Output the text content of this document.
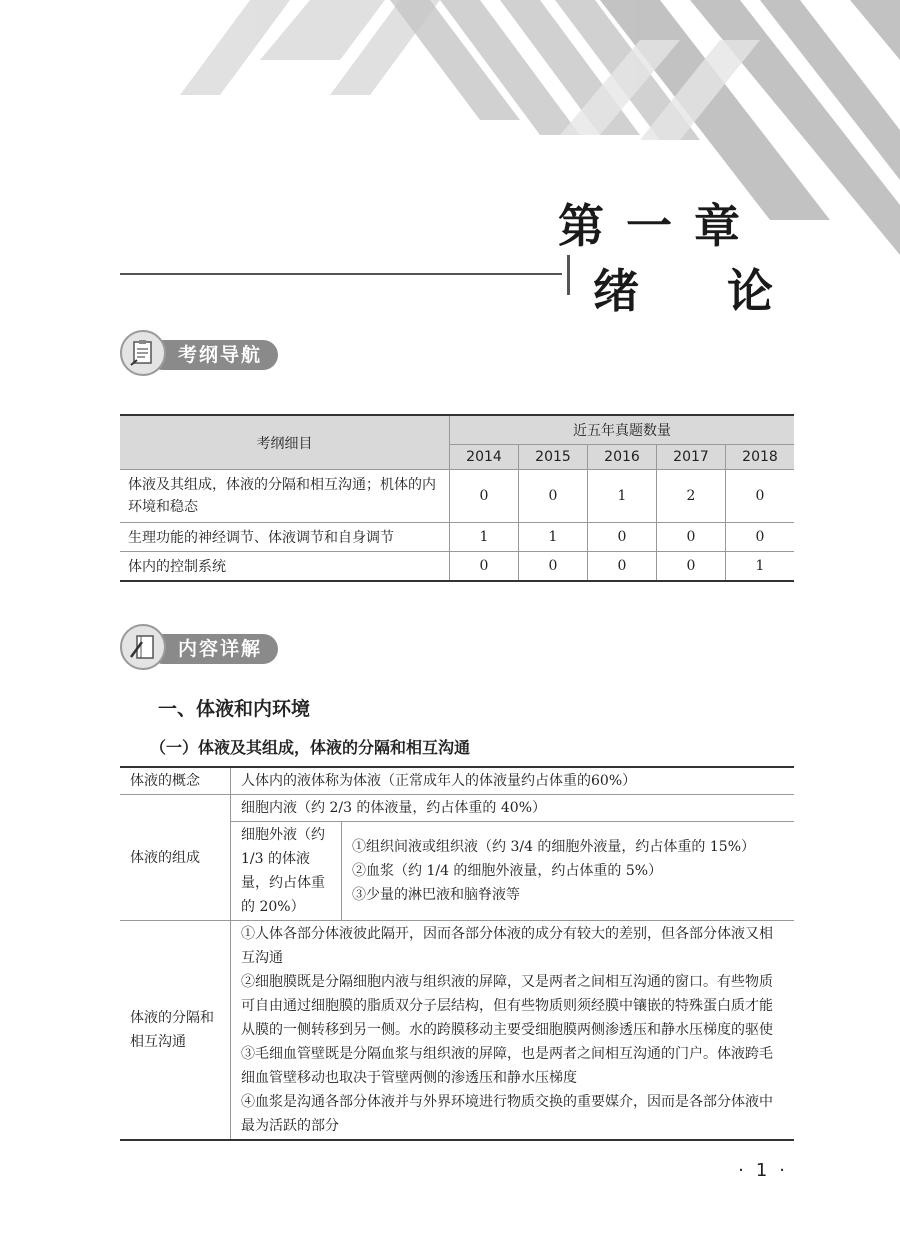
第一章
绪 论
考纲导航
考纲细目	近五年真题数量				
	2014	2015	2016	2017	2018
体液及其组成，体液的分隔和相互沟通；机体的内环境和稳态	0	0	1	2	0
生理功能的神经调节、体液调节和自身调节	1	1	0	0	0
体内的控制系统	0	0	0	0	1
内容详解
一、体液和内环境
（一）体液及其组成，体液的分隔和相互沟通
体液的概念	人体内的液体称为体液（正常成年人的体液量约占体重的60%）	
体液的组成	细胞内液（约 2/3 的体液量，约占体重的 40%）	
	细胞外液（约 1/3 的体液量，约占体重的 20%）	①组织间液或组织液（约 3/4 的细胞外液量，约占体重的 15%）
②血浆（约 1/4 的细胞外液量，约占体重的 5%）
③少量的淋巴液和脑脊液等

体液的分隔和相互沟通	①人体各部分体液彼此隔开，因而各部分体液的成分有较大的差别，但各部分体液又相互沟通
②细胞膜既是分隔细胞内液与组织液的屏障，又是两者之间相互沟通的窗口。有些物质可自由通过细胞膜的脂质双分子层结构，但有些物质则须经膜中镶嵌的特殊蛋白质才能从膜的一侧转移到另一侧。水的跨膜移动主要受细胞膜两侧渗透压和静水压梯度的驱使
③毛细血管壁既是分隔血浆与组织液的屏障，也是两者之间相互沟通的门户。体液跨毛细血管壁移动也取决于管壁两侧的渗透压和静水压梯度
④血浆是沟通各部分体液并与外界环境进行物质交换的重要媒介，因而是各部分体液中最为活跃的部分	
·1·
